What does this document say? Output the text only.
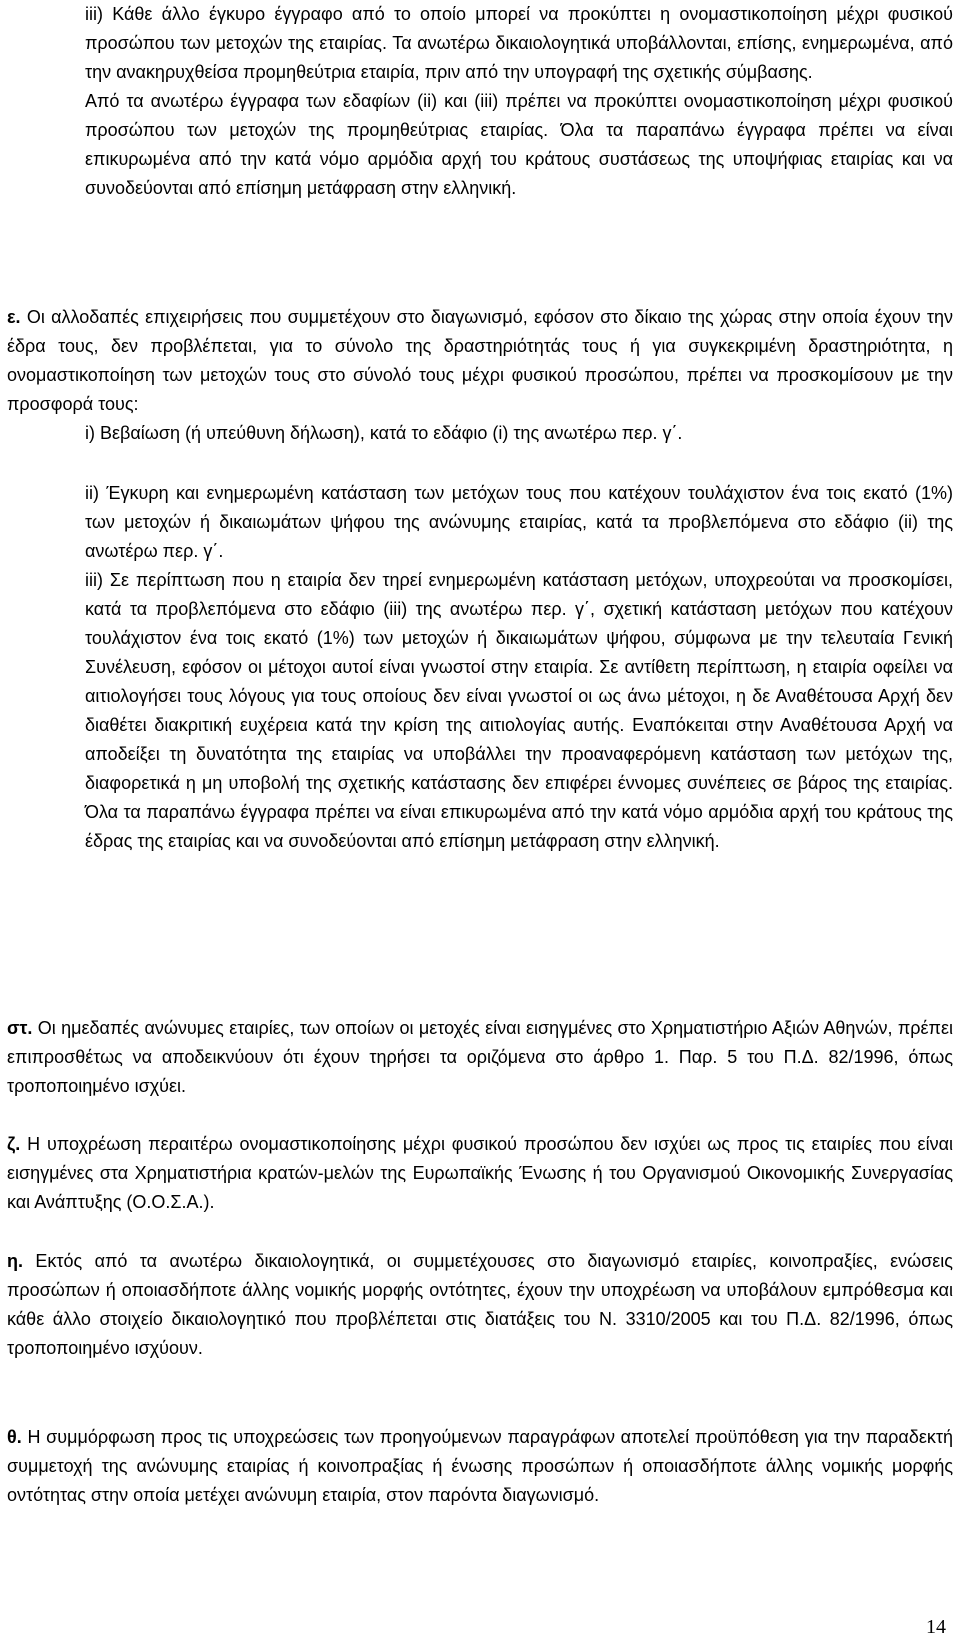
iii) Κάθε άλλο έγκυρο έγγραφο από το οποίο μπορεί να προκύπτει η ονομαστικοποίηση μέχρι φυσικού προσώπου των μετοχών της εταιρίας. Τα ανωτέρω δικαιολογητικά υποβάλλονται, επίσης, ενημερωμένα, από την ανακηρυχθείσα προμηθεύτρια εταιρία, πριν από την υπογραφή της σχετικής σύμβασης.
Από τα ανωτέρω έγγραφα των εδαφίων (ii) και (iii) πρέπει να προκύπτει ονομαστικοποίηση μέχρι φυσικού προσώπου των μετοχών της προμηθεύτριας εταιρίας. Όλα τα παραπάνω έγγραφα πρέπει να είναι επικυρωμένα από την κατά νόμο αρμόδια αρχή του κράτους συστάσεως της υποψήφιας εταιρίας και να συνοδεύονται από επίσημη μετάφραση στην ελληνική.
ε. Οι αλλοδαπές επιχειρήσεις που συμμετέχουν στο διαγωνισμό, εφόσον στο δίκαιο της χώρας στην οποία έχουν την έδρα τους, δεν προβλέπεται, για το σύνολο της δραστηριότητάς τους ή για συγκεκριμένη δραστηριότητα, η ονομαστικοποίηση των μετοχών τους στο σύνολό τους μέχρι φυσικού προσώπου, πρέπει να προσκομίσουν με την προσφορά τους:
i) Βεβαίωση (ή υπεύθυνη δήλωση), κατά το εδάφιο (i) της ανωτέρω περ. γ΄.
ii) Έγκυρη και ενημερωμένη κατάσταση των μετόχων τους που κατέχουν τουλάχιστον ένα τοις εκατό (1%) των μετοχών ή δικαιωμάτων ψήφου της ανώνυμης εταιρίας, κατά τα προβλεπόμενα στο εδάφιο (ii) της ανωτέρω περ. γ΄.
iii) Σε περίπτωση που η εταιρία δεν τηρεί ενημερωμένη κατάσταση μετόχων, υποχρεούται να προσκομίσει, κατά τα προβλεπόμενα στο εδάφιο (iii) της ανωτέρω περ. γ΄, σχετική κατάσταση μετόχων που κατέχουν τουλάχιστον ένα τοις εκατό (1%) των μετοχών ή δικαιωμάτων ψήφου, σύμφωνα με την τελευταία Γενική Συνέλευση, εφόσον οι μέτοχοι αυτοί είναι γνωστοί στην εταιρία. Σε αντίθετη περίπτωση, η εταιρία οφείλει να αιτιολογήσει τους λόγους για τους οποίους δεν είναι γνωστοί οι ως άνω μέτοχοι, η δε Αναθέτουσα Αρχή δεν διαθέτει διακριτική ευχέρεια κατά την κρίση της αιτιολογίας αυτής. Εναπόκειται στην Αναθέτουσα Αρχή να αποδείξει τη δυνατότητα της εταιρίας να υποβάλλει την προαναφερόμενη κατάσταση των μετόχων της, διαφορετικά η μη υποβολή της σχετικής κατάστασης δεν επιφέρει έννομες συνέπειες σε βάρος της εταιρίας. Όλα τα παραπάνω έγγραφα πρέπει να είναι επικυρωμένα από την κατά νόμο αρμόδια αρχή του κράτους της έδρας της εταιρίας και να συνοδεύονται από επίσημη μετάφραση στην ελληνική.
στ. Οι ημεδαπές ανώνυμες εταιρίες, των οποίων οι μετοχές είναι εισηγμένες στο Χρηματιστήριο Αξιών Αθηνών, πρέπει επιπροσθέτως να αποδεικνύουν ότι έχουν τηρήσει τα οριζόμενα στο άρθρο 1. Παρ. 5 του Π.Δ. 82/1996, όπως τροποποιημένο ισχύει.
ζ. Η υποχρέωση περαιτέρω ονομαστικοποίησης μέχρι φυσικού προσώπου δεν ισχύει ως προς τις εταιρίες που είναι εισηγμένες στα Χρηματιστήρια κρατών-μελών της Ευρωπαϊκής Ένωσης ή του Οργανισμού Οικονομικής Συνεργασίας και Ανάπτυξης (Ο.Ο.Σ.Α.).
η. Εκτός από τα ανωτέρω δικαιολογητικά, οι συμμετέχουσες στο διαγωνισμό εταιρίες, κοινοπραξίες, ενώσεις προσώπων ή οποιασδήποτε άλλης νομικής μορφής οντότητες, έχουν την υποχρέωση να υποβάλουν εμπρόθεσμα και κάθε άλλο στοιχείο δικαιολογητικό που προβλέπεται στις διατάξεις του Ν. 3310/2005 και του Π.Δ. 82/1996, όπως τροποποιημένο ισχύουν.
θ. Η συμμόρφωση προς τις υποχρεώσεις των προηγούμενων παραγράφων αποτελεί προϋπόθεση για την παραδεκτή συμμετοχή της ανώνυμης εταιρίας ή κοινοπραξίας ή ένωσης προσώπων ή οποιασδήποτε άλλης νομικής μορφής οντότητας στην οποία μετέχει ανώνυμη εταιρία, στον παρόντα διαγωνισμό.
14
